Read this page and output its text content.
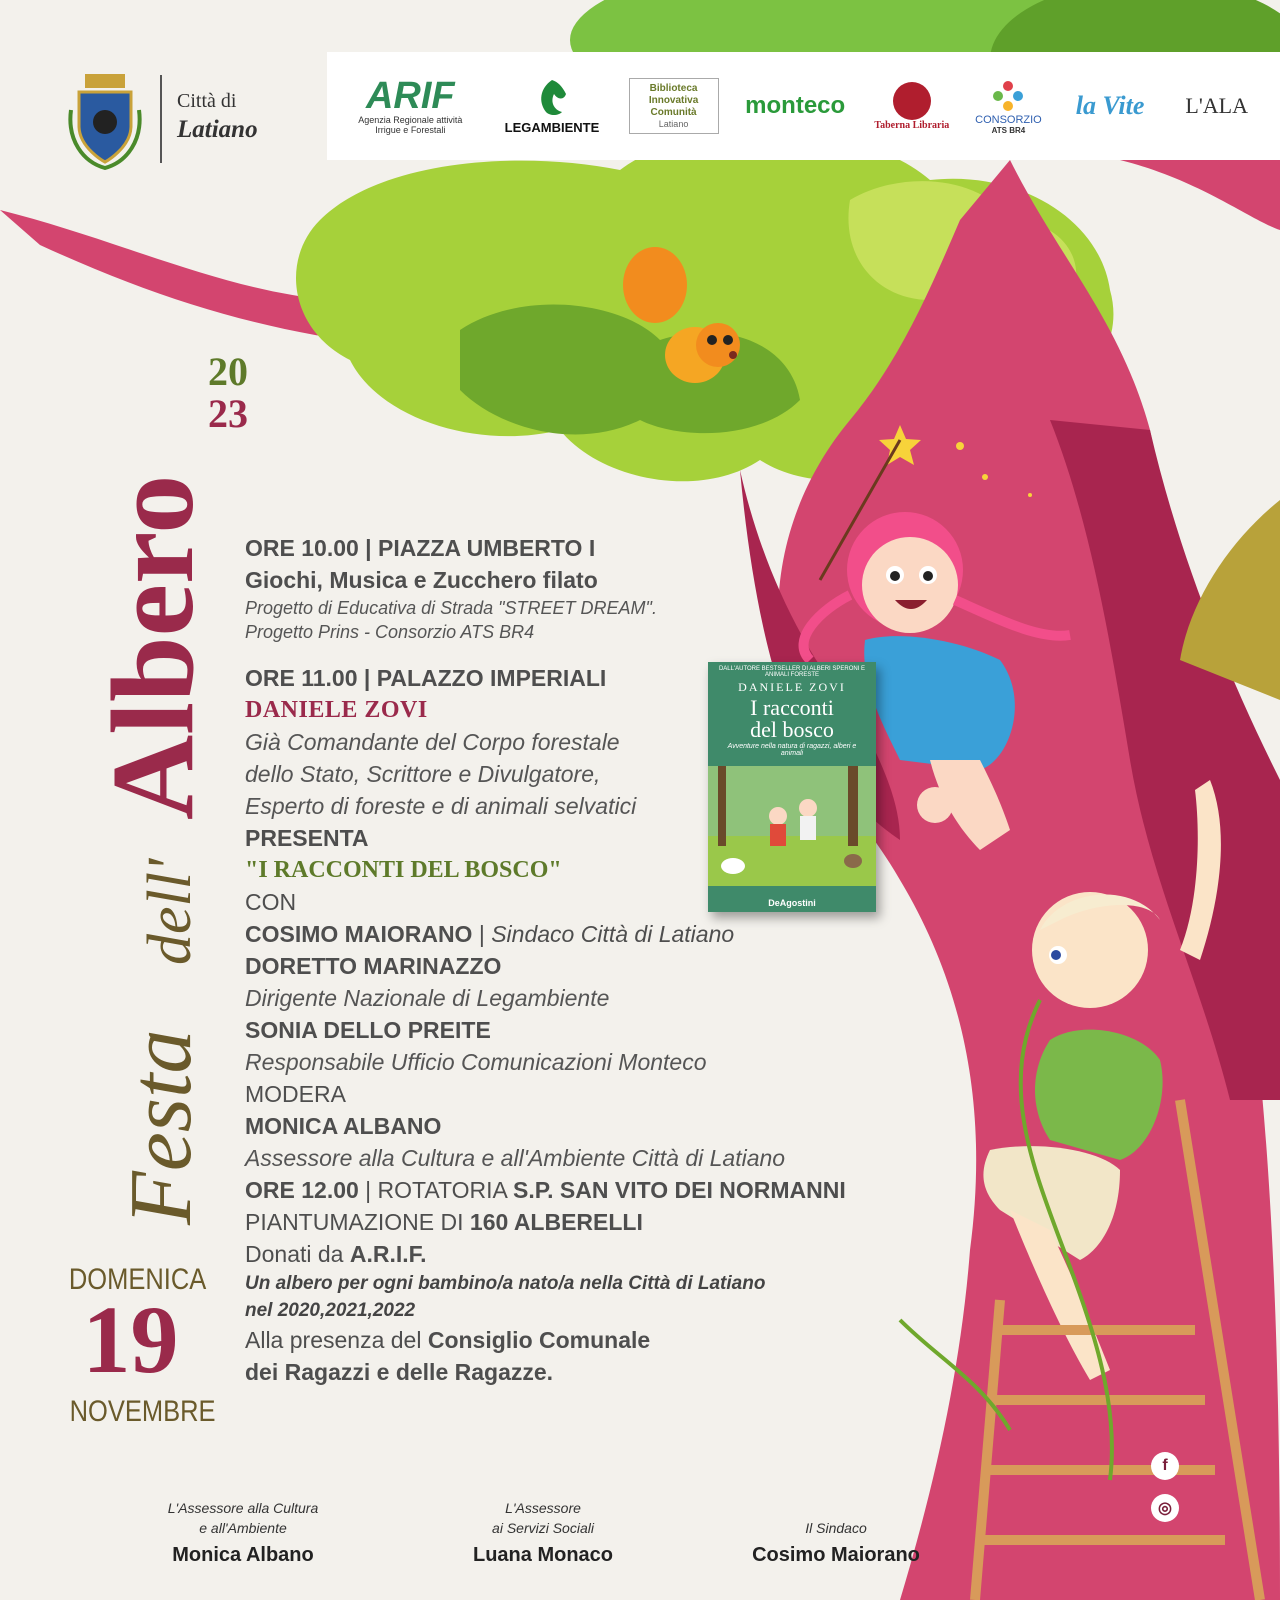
Città di
Latiano
ARIF
Agenzia Regionale attività Irrigue e Forestali	LEGAMBIENTE
Biblioteca Innovativa Comunità
Latiano
monteco
Taberna Libraria CONSORZIO
ATS BR4
la Vite L'ALA
Festa
dell'
Albero
20
23
DOMENICA
19
NOVEMBRE
ORE 10.00 | PIAZZA UMBERTO I
Giochi, Musica e Zucchero filato
Progetto di Educativa di Strada "STREET DREAM".
Progetto Prins - Consorzio ATS BR4
ORE 11.00 | PALAZZO IMPERIALI
DANIELE ZOVI
Già Comandante del Corpo forestale
dello Stato, Scrittore e Divulgatore,
Esperto di foreste e di animali selvatici
PRESENTA
"I RACCONTI DEL BOSCO"
CON
COSIMO MAIORANO | Sindaco Città di Latiano
DORETTO MARINAZZO
Dirigente Nazionale di Legambiente
SONIA DELLO PREITE
Responsabile Ufficio Comunicazioni Monteco
MODERA
MONICA ALBANO
Assessore alla Cultura e all'Ambiente Città di Latiano
ORE 12.00 | ROTATORIA S.P. SAN VITO DEI NORMANNI
PIANTUMAZIONE DI 160 ALBERELLI
Donati da A.R.I.F.
Un albero per ogni bambino/a nato/a nella Città di Latiano
nel 2020,2021,2022
Alla presenza del Consiglio Comunale
dei Ragazzi e delle Ragazze.
DALL'AUTORE BESTSELLER DI ALBERI SPERONI E ANIMALI FORESTE
DANIELE ZOVI
I racconti
del bosco
Avventure nella natura di ragazzi, alberi e animali
DeAgostini
f
◎
L'Assessore alla Cultura
e all'Ambiente
Monica Albano
L'Assessore
ai Servizi Sociali
Luana Monaco
Il Sindaco
Cosimo Maiorano
